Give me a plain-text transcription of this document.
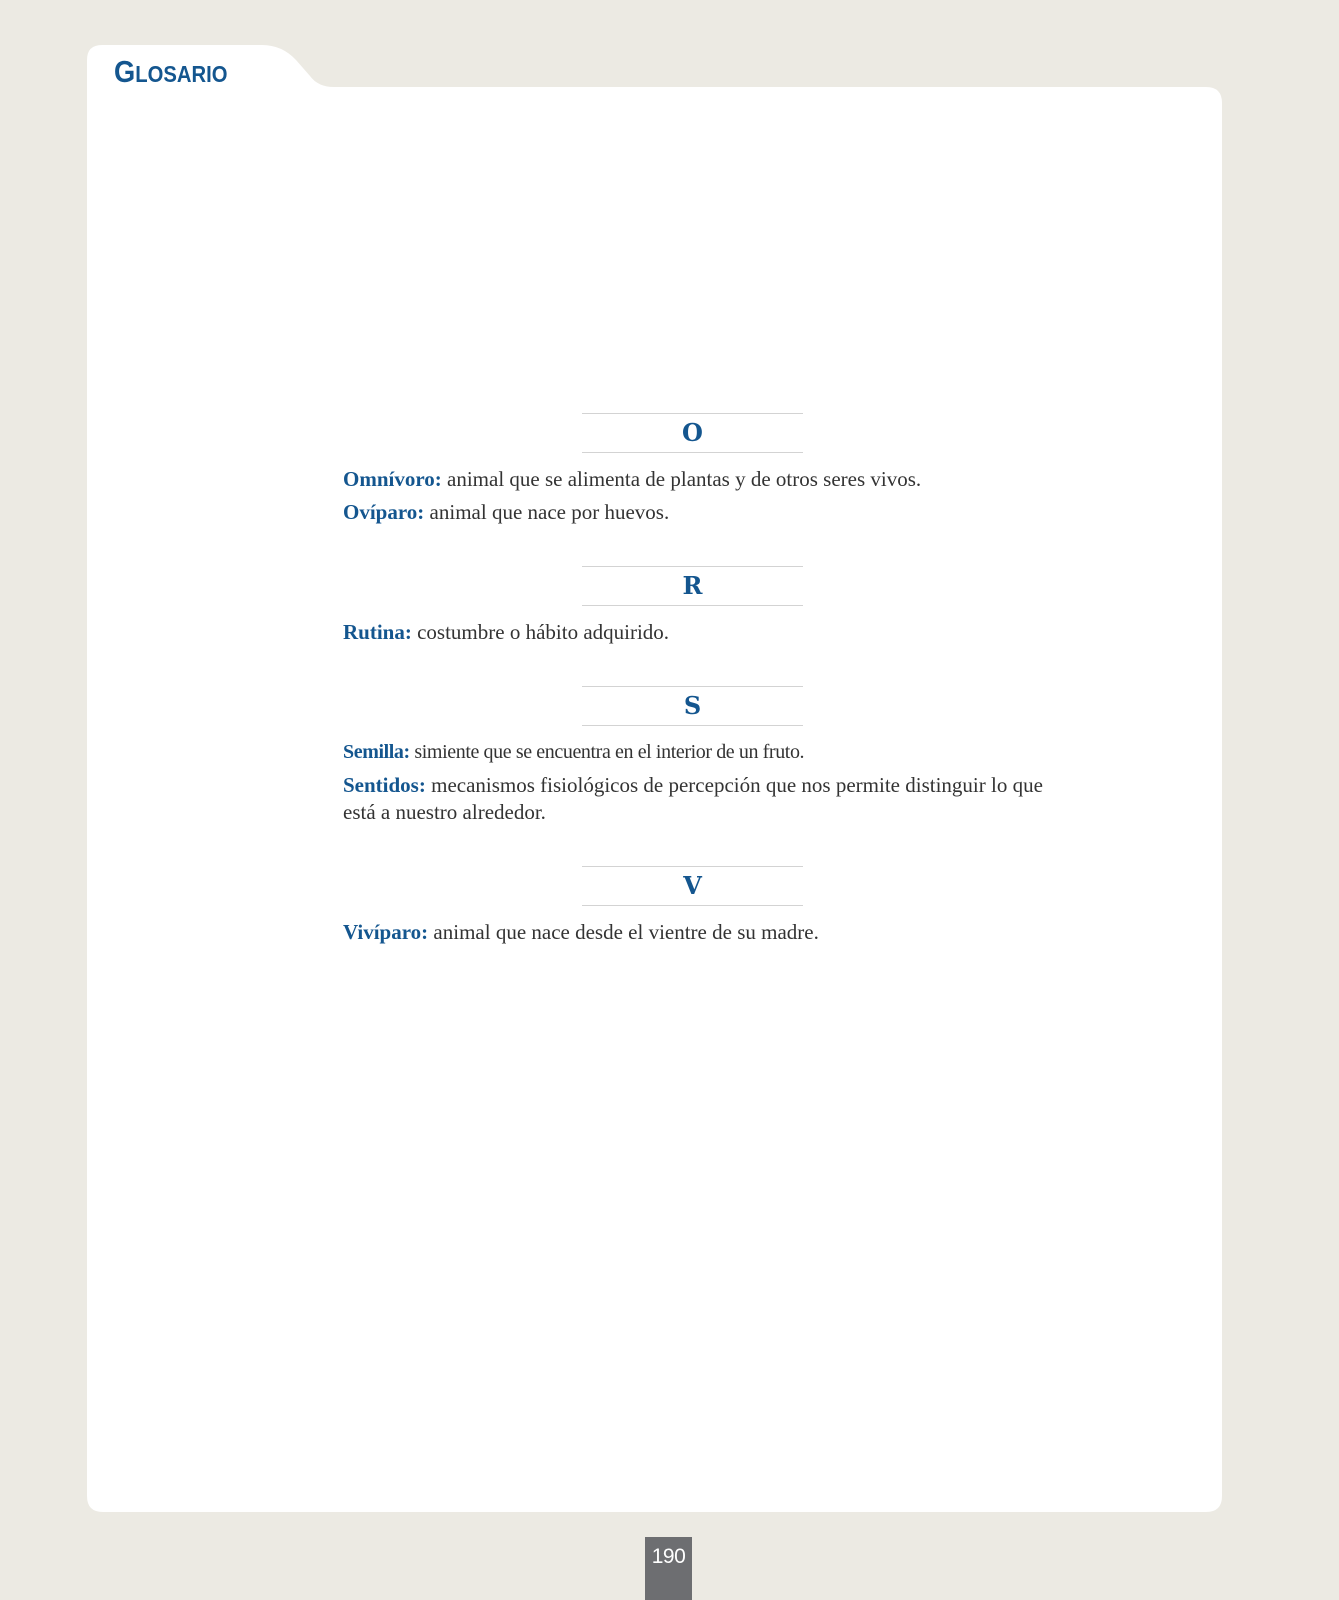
GLOSARIO
O
Omnívoro: animal que se alimenta de plantas y de otros seres vivos.
Ovíparo: animal que nace por huevos.
R
Rutina: costumbre o hábito adquirido.
S
Semilla: simiente que se encuentra en el interior de un fruto.
Sentidos: mecanismos fisiológicos de percepción que nos permite distinguir lo que está a nuestro alrededor.
V
Vivíparo: animal que nace desde el vientre de su madre.
190
